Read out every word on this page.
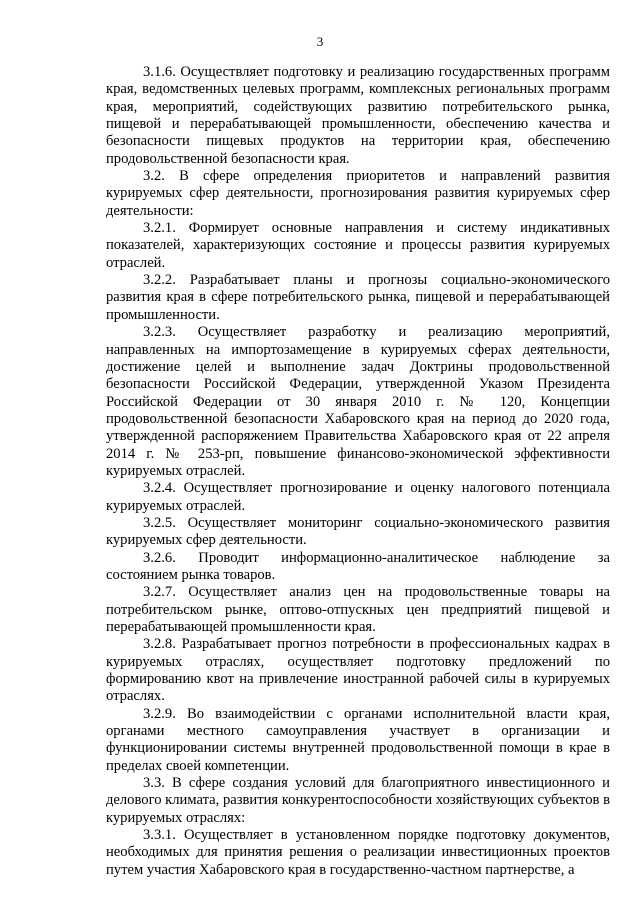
3

3.1.6. Осуществляет подготовку и реализацию государственных программ края, ведомственных целевых программ, комплексных региональных программ края, мероприятий, содействующих развитию потребительского рынка, пищевой и перерабатывающей промышленности, обеспечению качества и безопасности пищевых продуктов на территории края, обеспечению продовольственной безопасности края.

3.2. В сфере определения приоритетов и направлений развития курируемых сфер деятельности, прогнозирования развития курируемых сфер деятельности:

3.2.1. Формирует основные направления и систему индикативных показателей, характеризующих состояние и процессы развития курируемых отраслей.

3.2.2. Разрабатывает планы и прогнозы социально-экономического развития края в сфере потребительского рынка, пищевой и перерабатывающей промышленности.

3.2.3. Осуществляет разработку и реализацию мероприятий, направленных на импортозамещение в курируемых сферах деятельности, достижение целей и выполнение задач Доктрины продовольственной безопасности Российской Федерации, утвержденной Указом Президента Российской Федерации от 30 января 2010 г. № 120, Концепции продовольственной безопасности Хабаровского края на период до 2020 года, утвержденной распоряжением Правительства Хабаровского края от 22 апреля 2014 г. № 253-рп, повышение финансово-экономической эффективности курируемых отраслей.

3.2.4. Осуществляет прогнозирование и оценку налогового потенциала курируемых отраслей.

3.2.5. Осуществляет мониторинг социально-экономического развития курируемых сфер деятельности.

3.2.6. Проводит информационно-аналитическое наблюдение за состоянием рынка товаров.

3.2.7. Осуществляет анализ цен на продовольственные товары на потребительском рынке, оптово-отпускных цен предприятий пищевой и перерабатывающей промышленности края.

3.2.8. Разрабатывает прогноз потребности в профессиональных кадрах в курируемых отраслях, осуществляет подготовку предложений по формированию квот на привлечение иностранной рабочей силы в курируемых отраслях.

3.2.9. Во взаимодействии с органами исполнительной власти края, органами местного самоуправления участвует в организации и функционировании системы внутренней продовольственной помощи в крае в пределах своей компетенции.

3.3. В сфере создания условий для благоприятного инвестиционного и делового климата, развития конкурентоспособности хозяйствующих субъектов в курируемых отраслях:

3.3.1. Осуществляет в установленном порядке подготовку документов, необходимых для принятия решения о реализации инвестиционных проектов путем участия Хабаровского края в государственно-частном партнерстве, а
